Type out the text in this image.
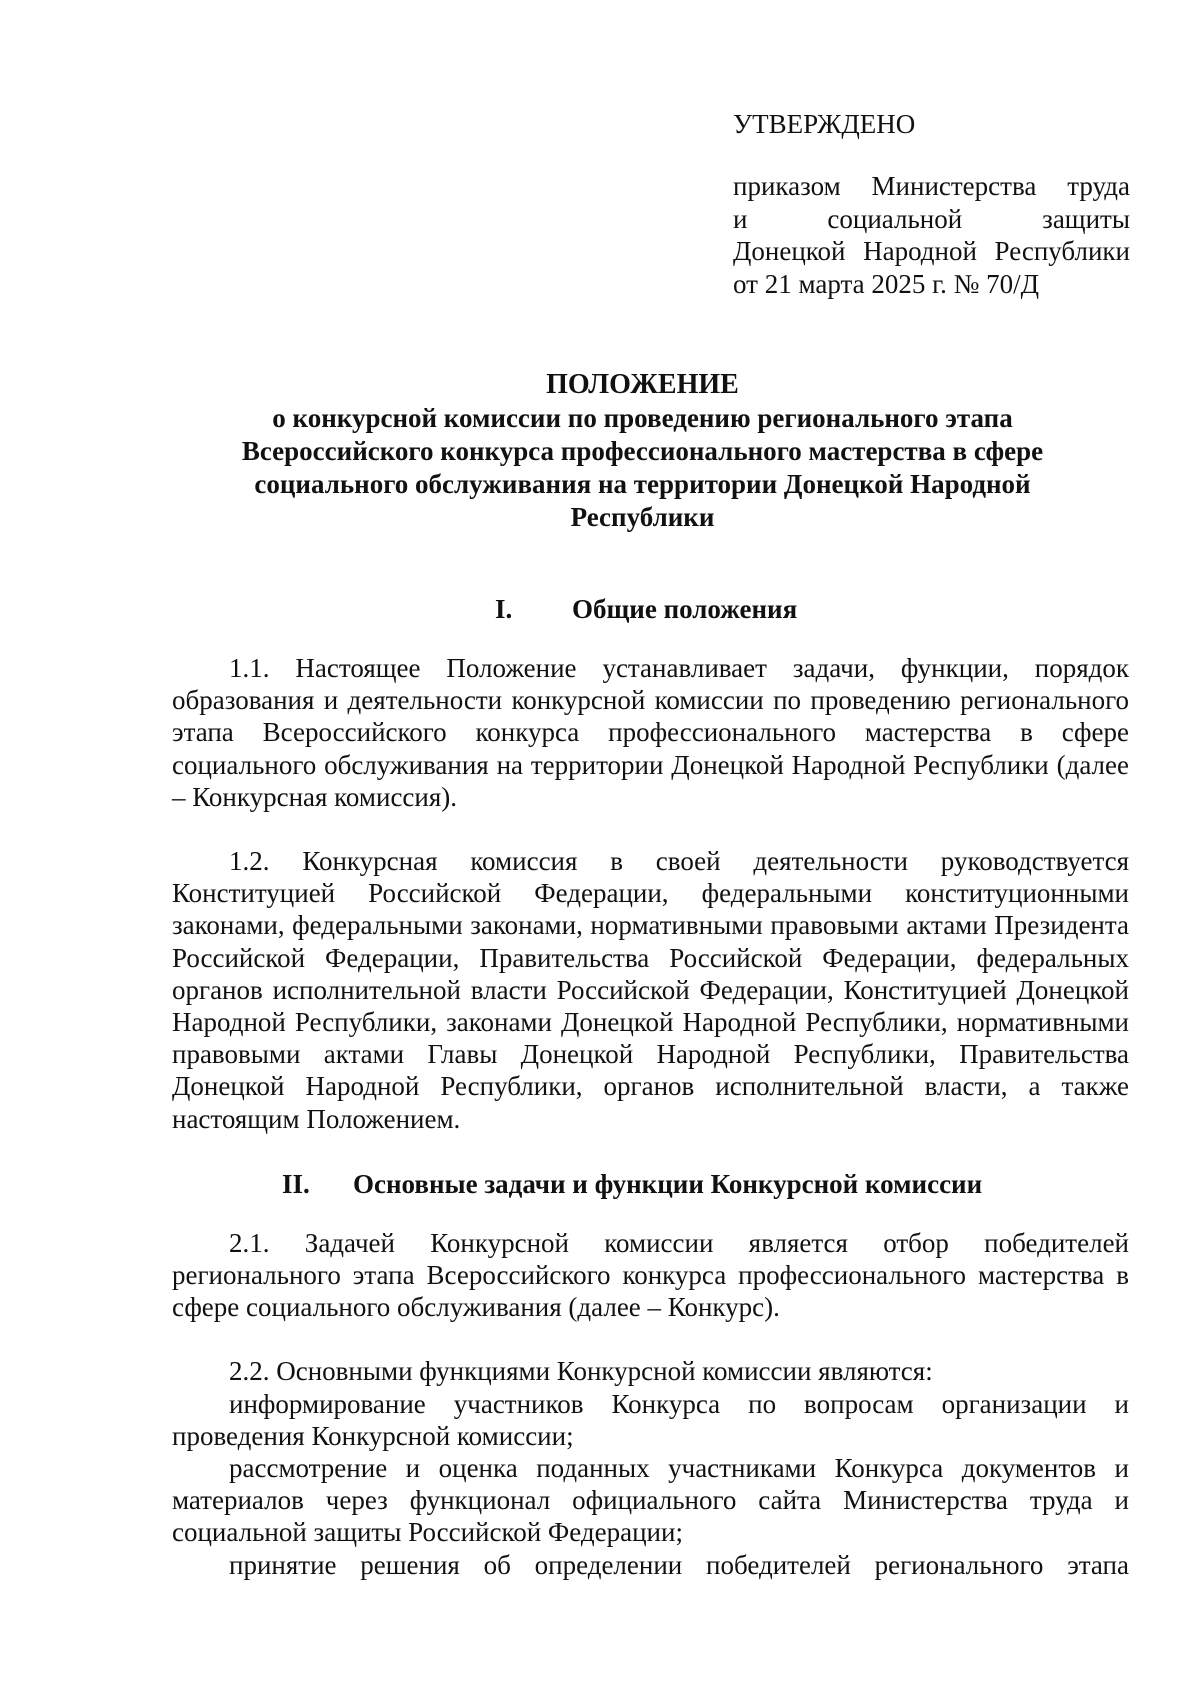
УТВЕРЖДЕНО
приказом Министерства труда
и социальной защиты
Донецкой Народной Республики
от 21 марта 2025 г. № 70/Д
ПОЛОЖЕНИЕ
о конкурсной комиссии по проведению регионального этапа Всероссийского конкурса профессионального мастерства в сфере социального обслуживания на территории Донецкой Народной Республики
I. Общие положения

1.1. Настоящее Положение устанавливает задачи, функции, порядок образования и деятельности конкурсной комиссии по проведению регионального этапа Всероссийского конкурса профессионального мастерства в сфере социального обслуживания на территории Донецкой Народной Республики (далее – Конкурсная комиссия).

1.2. Конкурсная комиссия в своей деятельности руководствуется Конституцией Российской Федерации, федеральными конституционными законами, федеральными законами, нормативными правовыми актами Президента Российской Федерации, Правительства Российской Федерации, федеральных органов исполнительной власти Российской Федерации, Конституцией Донецкой Народной Республики, законами Донецкой Народной Республики, нормативными правовыми актами Главы Донецкой Народной Республики, Правительства Донецкой Народной Республики, органов исполнительной власти, а также настоящим Положением.

II. Основные задачи и функции Конкурсной комиссии

2.1. Задачей Конкурсной комиссии является отбор победителей регионального этапа Всероссийского конкурса профессионального мастерства в сфере социального обслуживания (далее – Конкурс).

2.2. Основными функциями Конкурсной комиссии являются:

информирование участников Конкурса по вопросам организации и проведения Конкурсной комиссии;

рассмотрение и оценка поданных участниками Конкурса документов и материалов через функционал официального сайта Министерства труда и социальной защиты Российской Федерации;

принятие решения об определении победителей регионального этапа
